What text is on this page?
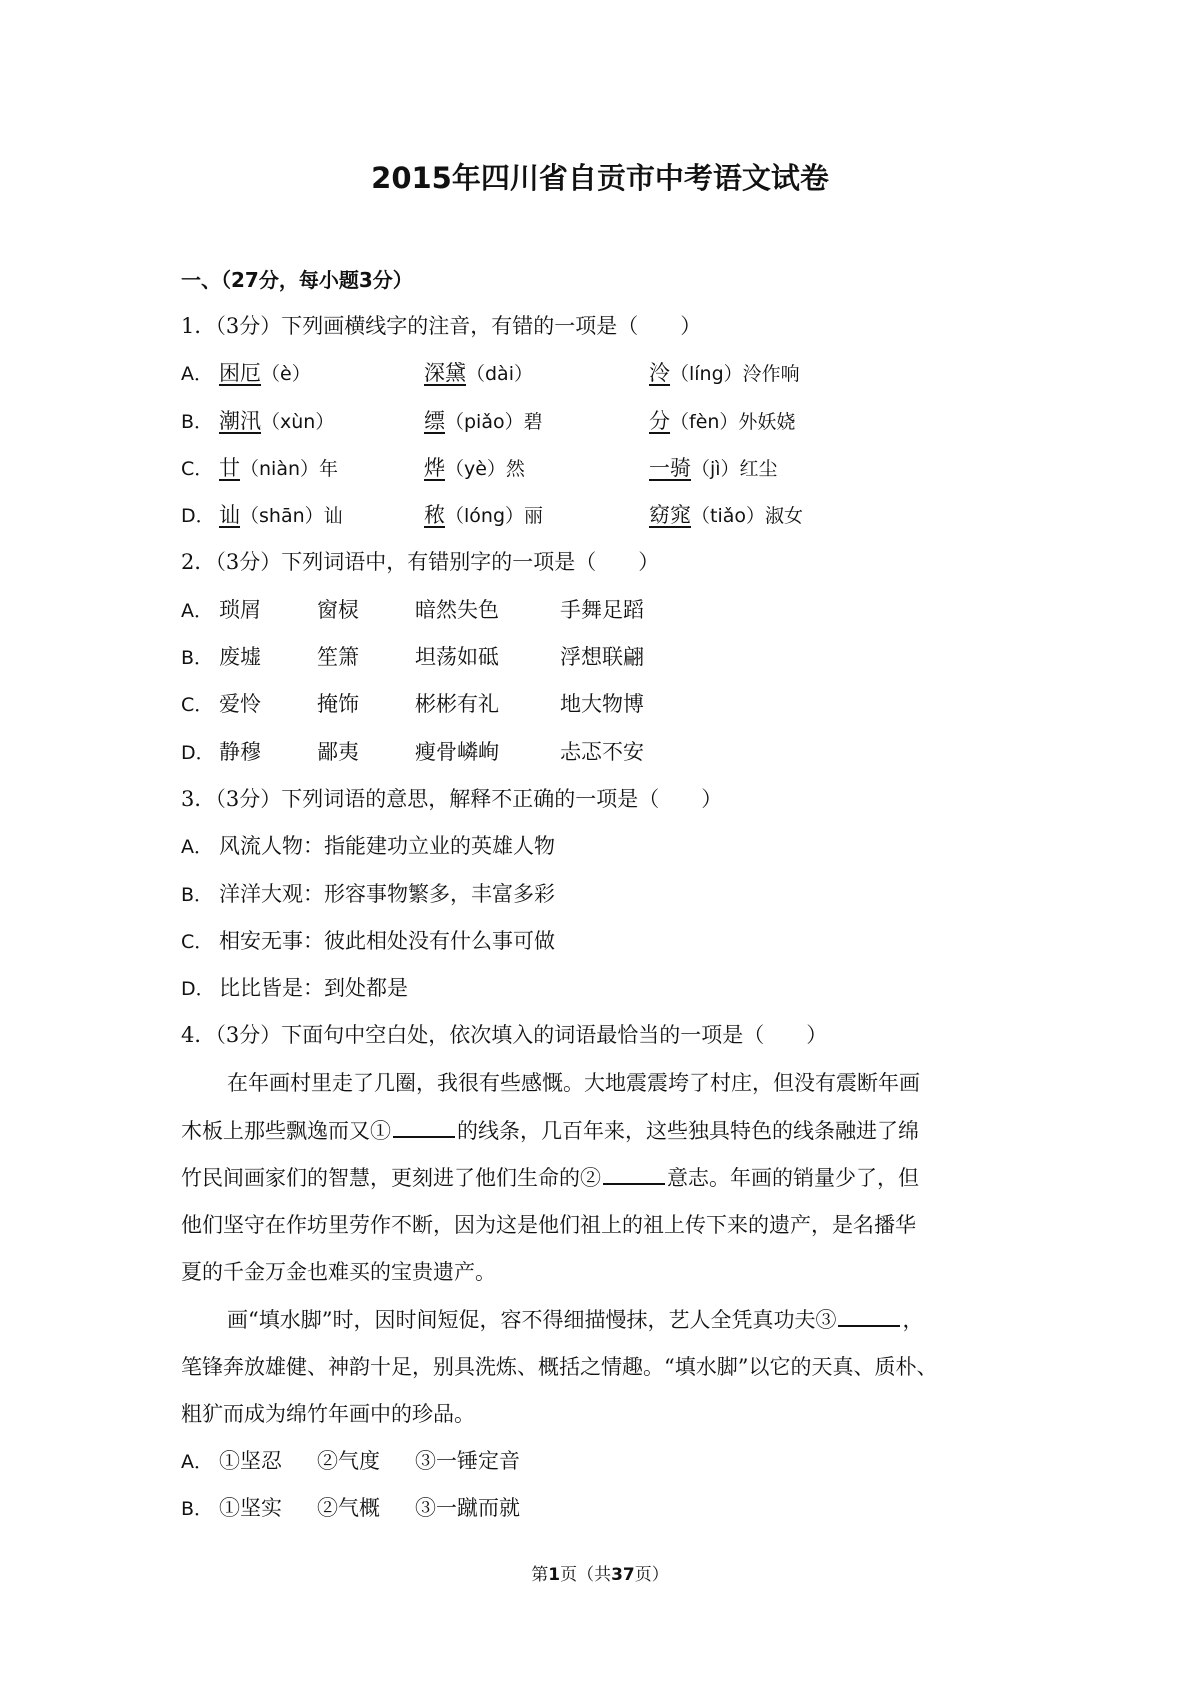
2015年四川省自贡市中考语文试卷
一、（27分，每小题3分）
1．（3分）下列画横线字的注音，有错的一项是（　　）
A． 困厄（è）	深黛（dài）	泠（líng）泠作响
B． 潮汛（xùn）	缥（piǎo）碧	分（fèn）外妖娆
C． 廿（niàn）年	烨（yè）然	一骑（jì）红尘
D． 讪（shān）讪	秾（lóng）丽	窈窕（tiǎo）淑女
2．（3分）下列词语中，有错别字的一项是（　　）
A． 琐屑	窗棂	暗然失色	手舞足蹈
B． 废墟	笙箫	坦荡如砥	浮想联翩
C． 爱怜	掩饰	彬彬有礼	地大物博
D． 静穆	鄙夷	瘦骨嶙峋	忐忑不安
3．（3分）下列词语的意思，解释不正确的一项是（　　）
A． 风流人物：指能建功立业的英雄人物
B． 洋洋大观：形容事物繁多，丰富多彩
C． 相安无事：彼此相处没有什么事可做
D． 比比皆是：到处都是
4．（3分）下面句中空白处，依次填入的词语最恰当的一项是（　　）
在年画村里走了几圈，我很有些感慨。大地震震垮了村庄，但没有震断年画
木板上那些飘逸而又①	的线条，几百年来，这些独具特色的线条融进了绵
竹民间画家们的智慧，更刻进了他们生命的②	意志。年画的销量少了，但
他们坚守在作坊里劳作不断，因为这是他们祖上的祖上传下来的遗产，是名播华
夏的千金万金也难买的宝贵遗产。
画“填水脚”时，因时间短促，容不得细描慢抹，艺人全凭真功夫③	，
笔锋奔放雄健、神韵十足，别具洗炼、概括之情趣。“填水脚”以它的天真、质朴、
粗犷而成为绵竹年画中的珍品。
A． ①坚忍	②气度	③一锤定音
B． ①坚实	②气概	③一蹴而就
第1页（共37页）
